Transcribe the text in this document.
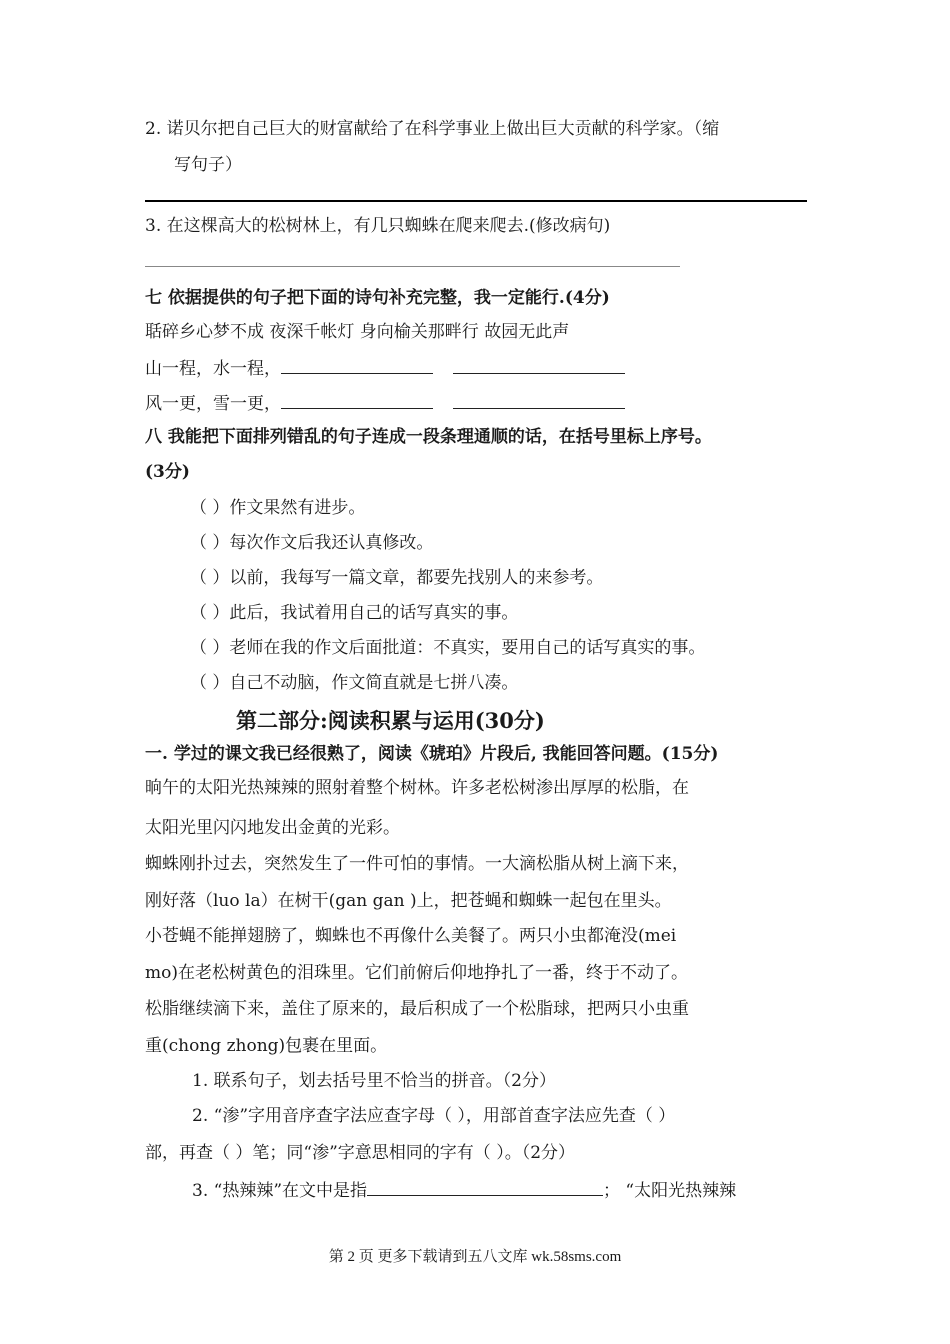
2. 诺贝尔把自己巨大的财富献给了在科学事业上做出巨大贡献的科学家。（缩
写句子）
3. 在这棵高大的松树林上，有几只蜘蛛在爬来爬去.(修改病句)
七 依据提供的句子把下面的诗句补充完整，我一定能行.(4分)
聒碎乡心梦不成 夜深千帐灯 身向榆关那畔行 故园无此声
山一程，水一程，
风一更，雪一更，
八 我能把下面排列错乱的句子连成一段条理通顺的话，在括号里标上序号。
(3分)
（ ）作文果然有进步。
（ ）每次作文后我还认真修改。
（ ）以前，我每写一篇文章，都要先找别人的来参考。
（ ）此后，我试着用自己的话写真实的事。
（ ）老师在我的作文后面批道：不真实，要用自己的话写真实的事。
（ ）自己不动脑，作文简直就是七拼八凑。
第二部分:阅读积累与运用(30分)
一. 学过的课文我已经很熟了，阅读《琥珀》片段后, 我能回答问题。(15分)
晌午的太阳光热辣辣的照射着整个树林。许多老松树渗出厚厚的松脂，在
太阳光里闪闪地发出金黄的光彩。
蜘蛛刚扑过去，突然发生了一件可怕的事情。一大滴松脂从树上滴下来，
刚好落（luo la）在树干(gan gan )上，把苍蝇和蜘蛛一起包在里头。
小苍蝇不能掸翅膀了，蜘蛛也不再像什么美餐了。两只小虫都淹没(mei
mo)在老松树黄色的泪珠里。它们前俯后仰地挣扎了一番，终于不动了。
松脂继续滴下来，盖住了原来的，最后积成了一个松脂球，把两只小虫重
重(chong zhong)包裹在里面。
1. 联系句子，划去括号里不恰当的拼音。（2分）
2. “渗”字用音序查字法应查字母（ ），用部首查字法应先查（ ）
部，再查（ ）笔；同“渗”字意思相同的字有（ ）。（2分）
3. “热辣辣”在文中是指	； “太阳光热辣辣
第 2 页 更多下载请到五八文库 wk.58sms.com
